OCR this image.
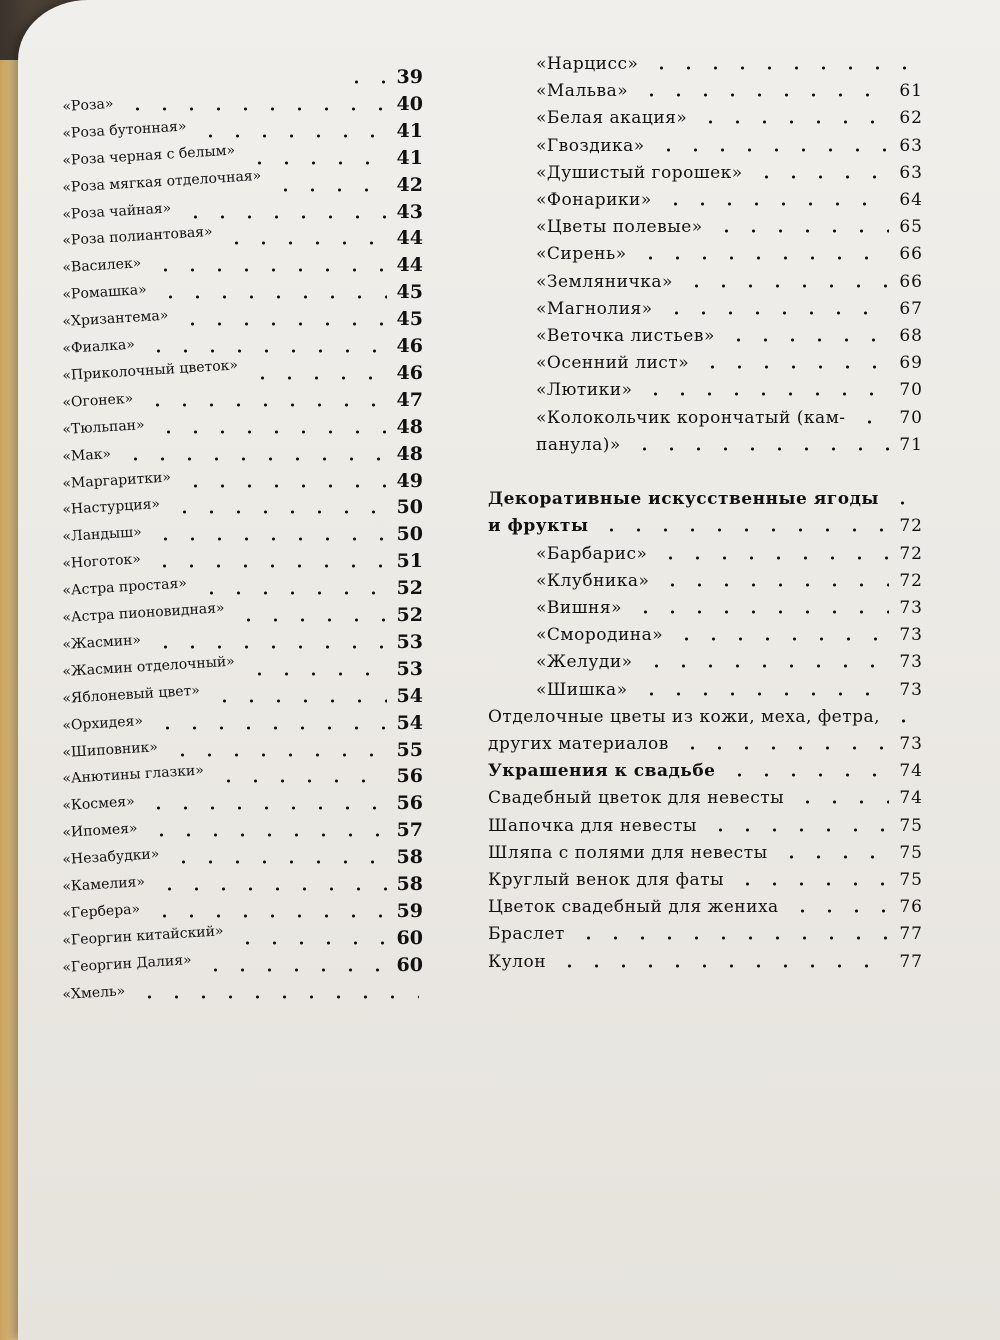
39
«Роза»	40
«Роза бутонная»	41
«Роза черная с белым»	41
«Роза мягкая отделочная»	42
«Роза чайная»	43
«Роза полиантовая»	44
«Василек»	44
«Ромашка»	45
«Хризантема»	45
«Фиалка»	46
«Приколочный цветок»	46
«Огонек»	47
«Тюльпан»	48
«Мак»	48
«Маргаритки»	49
«Настурция»	50
«Ландыш»	50
«Ноготок»	51
«Астра простая»	52
«Астра пионовидная»	52
«Жасмин»	53
«Жасмин отделочный»	53
«Яблоневый цвет»	54
«Орхидея»	54
«Шиповник»	55
«Анютины глазки»	56
«Космея»	56
«Ипомея»	57
«Незабудки»	58
«Камелия»	58
«Гербера»	59
«Георгин китайский»	60
«Георгин Далия»	60
«Хмель»
«Нарцисс»
«Мальва»	61
«Белая акация»	62
«Гвоздика»	63
«Душистый горошек»	63
«Фонарики»	64
«Цветы полевые»	65
«Сирень»	66
«Земляничка»	66
«Магнолия»	67
«Веточка листьев»	68
«Осенний лист»	69
«Лютики»	70
«Колокольчик корончатый (кам-	70
панула)»	71
Декоративные искусственные ягоды
и фрукты	72
«Барбарис»	72
«Клубника»	72
«Вишня»	73
«Смородина»	73
«Желуди»	73
«Шишка»	73
Отделочные цветы из кожи, меха, фетра,
других материалов	73
Украшения к свадьбе	74
Свадебный цветок для невесты	74
Шапочка для невесты	75
Шляпа с полями для невесты	75
Круглый венок для фаты	75
Цветок свадебный для жениха	76
Браслет	77
Кулон	77
